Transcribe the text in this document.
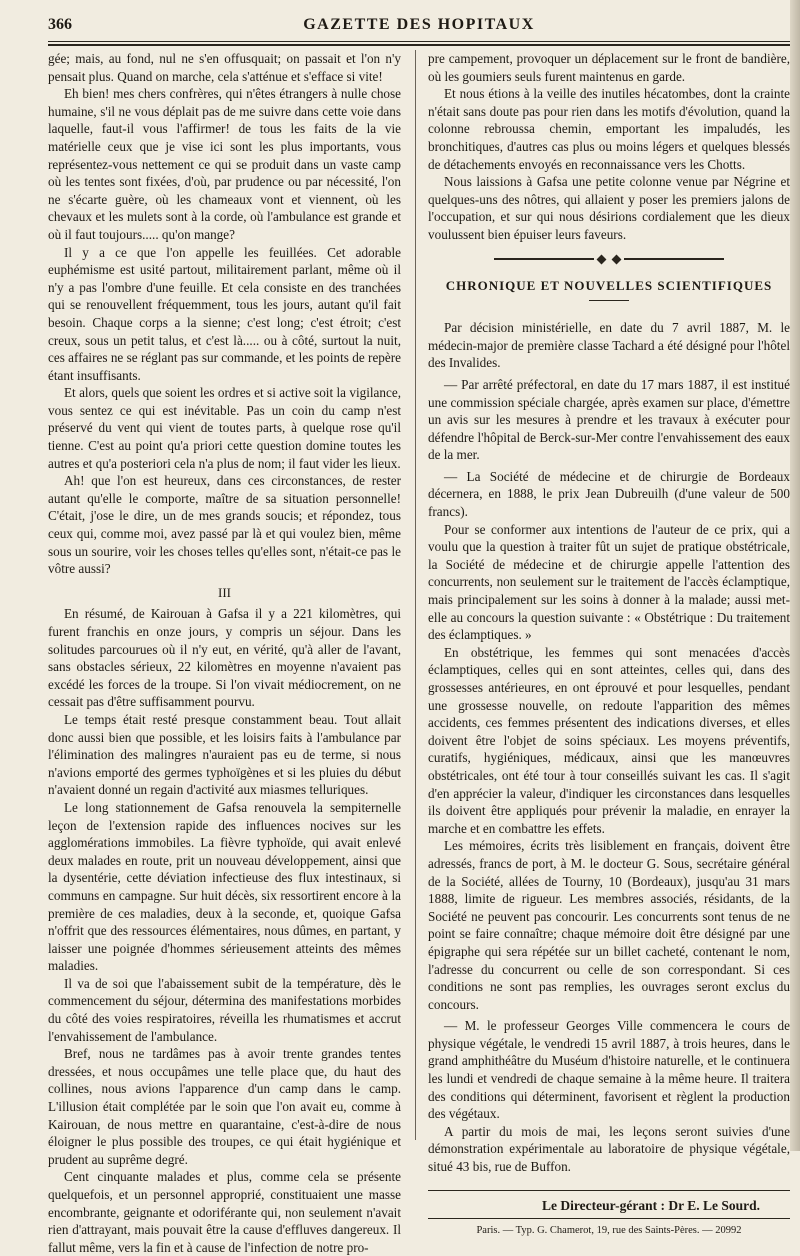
366	GAZETTE DES HOPITAUX

gée; mais, au fond, nul ne s'en offusquait; on passait et l'on n'y pensait plus. Quand on marche, cela s'atténue et s'efface si vite!

Eh bien! mes chers confrères, qui n'êtes étrangers à nulle chose humaine, s'il ne vous déplait pas de me suivre dans cette voie dans laquelle, faut-il vous l'affirmer! de tous les faits de la vie matérielle ceux que je vise ici sont les plus importants, vous représentez-vous nettement ce qui se produit dans un vaste camp où les tentes sont fixées, d'où, par prudence ou par nécessité, l'on ne s'écarte guère, où les chameaux vont et viennent, où les chevaux et les mulets sont à la corde, où l'ambulance est grande et où il faut toujours..... qu'on mange?

Il y a ce que l'on appelle les feuillées. Cet adorable euphémisme est usité partout, militairement parlant, même où il n'y a pas l'ombre d'une feuille. Et cela consiste en des tranchées qui se renouvellent fréquemment, tous les jours, autant qu'il fait besoin. Chaque corps a la sienne; c'est long; c'est étroit; c'est creux, sous un petit talus, et c'est là..... ou à côté, surtout la nuit, ces affaires ne se réglant pas sur commande, et les points de repère étant insuffisants.

Et alors, quels que soient les ordres et si active soit la vigilance, vous sentez ce qui est inévitable. Pas un coin du camp n'est préservé du vent qui vient de toutes parts, à quelque rose qu'il tienne. C'est au point qu'a priori cette question domine toutes les autres et qu'a posteriori cela n'a plus de nom; il faut vider les lieux.

Ah! que l'on est heureux, dans ces circonstances, de rester autant qu'elle le comporte, maître de sa situation personnelle! C'était, j'ose le dire, un de mes grands soucis; et répondez, tous ceux qui, comme moi, avez passé par là et qui voulez bien, même sous un sourire, voir les choses telles qu'elles sont, n'était-ce pas le vôtre aussi?

III

En résumé, de Kairouan à Gafsa il y a 221 kilomètres, qui furent franchis en onze jours, y compris un séjour. Dans les solitudes parcourues où il n'y eut, en vérité, qu'à aller de l'avant, sans obstacles sérieux, 22 kilomètres en moyenne n'avaient pas excédé les forces de la troupe. Si l'on vivait médiocrement, on ne cessait pas d'être suffisamment pourvu.

Le temps était resté presque constamment beau. Tout allait donc aussi bien que possible, et les loisirs faits à l'ambulance par l'élimination des malingres n'auraient pas eu de terme, si nous n'avions emporté des germes typhoïgènes et si les pluies du début n'avaient donné un regain d'activité aux miasmes telluriques.

Le long stationnement de Gafsa renouvela la sempiternelle leçon de l'extension rapide des influences nocives sur les agglomérations immobiles. La fièvre typhoïde, qui avait enlevé deux malades en route, prit un nouveau développement, ainsi que la dysentérie, cette déviation infectieuse des flux intestinaux, si communs en campagne. Sur huit décès, six ressortirent encore à la première de ces maladies, deux à la seconde, et, quoique Gafsa n'offrit que des ressources élémentaires, nous dûmes, en partant, y laisser une poignée d'hommes sérieusement atteints des mêmes maladies.

Il va de soi que l'abaissement subit de la température, dès le commencement du séjour, détermina des manifestations morbides du côté des voies respiratoires, réveilla les rhumatismes et accrut l'envahissement de l'ambulance.

Bref, nous ne tardâmes pas à avoir trente grandes tentes dressées, et nous occupâmes une telle place que, du haut des collines, nous avions l'apparence d'un camp dans le camp. L'illusion était complétée par le soin que l'on avait eu, comme à Kairouan, de nous mettre en quarantaine, c'est-à-dire de nous éloigner le plus possible des troupes, ce qui était hygiénique et prudent au suprême degré.

Cent cinquante malades et plus, comme cela se présente quelquefois, et un personnel approprié, constituaient une masse encombrante, geignante et odoriférante qui, non seulement n'avait rien d'attrayant, mais pouvait être la cause d'effluves dangereux. Il fallut même, vers la fin et à cause de l'infection de notre pro-

pre campement, provoquer un déplacement sur le front de bandière, où les goumiers seuls furent maintenus en garde.

Et nous étions à la veille des inutiles hécatombes, dont la crainte n'était sans doute pas pour rien dans les motifs d'évolution, quand la colonne rebroussa chemin, emportant les impaludés, les bronchitiques, d'autres cas plus ou moins légers et quelques blessés de détachements envoyés en reconnaissance vers les Chotts.

Nous laissions à Gafsa une petite colonne venue par Négrine et quelques-uns des nôtres, qui allaient y poser les premiers jalons de l'occupation, et sur qui nous désirions cordialement que les dieux voulussent bien épuiser leurs faveurs.

CHRONIQUE ET NOUVELLES SCIENTIFIQUES

Par décision ministérielle, en date du 7 avril 1887, M. le médecin-major de première classe Tachard a été désigné pour l'hôtel des Invalides.

— Par arrêté préfectoral, en date du 17 mars 1887, il est institué une commission spéciale chargée, après examen sur place, d'émettre un avis sur les mesures à prendre et les travaux à exécuter pour défendre l'hôpital de Berck-sur-Mer contre l'envahissement des eaux de la mer.

— La Société de médecine et de chirurgie de Bordeaux décernera, en 1888, le prix Jean Dubreuilh (d'une valeur de 500 francs).

Pour se conformer aux intentions de l'auteur de ce prix, qui a voulu que la question à traiter fût un sujet de pratique obstétricale, la Société de médecine et de chirurgie appelle l'attention des concurrents, non seulement sur le traitement de l'accès éclamptique, mais principalement sur les soins à donner à la malade; aussi met-elle au concours la question suivante : « Obstétrique : Du traitement des éclamptiques. »

En obstétrique, les femmes qui sont menacées d'accès éclamptiques, celles qui en sont atteintes, celles qui, dans des grossesses antérieures, en ont éprouvé et pour lesquelles, pendant une grossesse nouvelle, on redoute l'apparition des mêmes accidents, ces femmes présentent des indications diverses, et elles doivent être l'objet de soins spéciaux. Les moyens préventifs, curatifs, hygiéniques, médicaux, ainsi que les manœuvres obstétricales, ont été tour à tour conseillés suivant les cas. Il s'agit d'en apprécier la valeur, d'indiquer les circonstances dans lesquelles ils doivent être appliqués pour prévenir la maladie, en enrayer la marche et en combattre les effets.

Les mémoires, écrits très lisiblement en français, doivent être adressés, francs de port, à M. le docteur G. Sous, secrétaire général de la Société, allées de Tourny, 10 (Bordeaux), jusqu'au 31 mars 1888, limite de rigueur. Les membres associés, résidants, de la Société ne peuvent pas concourir. Les concurrents sont tenus de ne point se faire connaître; chaque mémoire doit être désigné par une épigraphe qui sera répétée sur un billet cacheté, contenant le nom, l'adresse du concurrent ou celle de son correspondant. Si ces conditions ne sont pas remplies, les ouvrages seront exclus du concours.

— M. le professeur Georges Ville commencera le cours de physique végétale, le vendredi 15 avril 1887, à trois heures, dans le grand amphithéâtre du Muséum d'histoire naturelle, et le continuera les lundi et vendredi de chaque semaine à la même heure. Il traitera des conditions qui déterminent, favorisent et règlent la production des végétaux.

A partir du mois de mai, les leçons seront suivies d'une démonstration expérimentale au laboratoire de physique végétale, situé 43 bis, rue de Buffon.

Le Directeur-gérant : Dr E. Le Sourd.
Paris. — Typ. G. Chamerot, 19, rue des Saints-Pères. — 20992
